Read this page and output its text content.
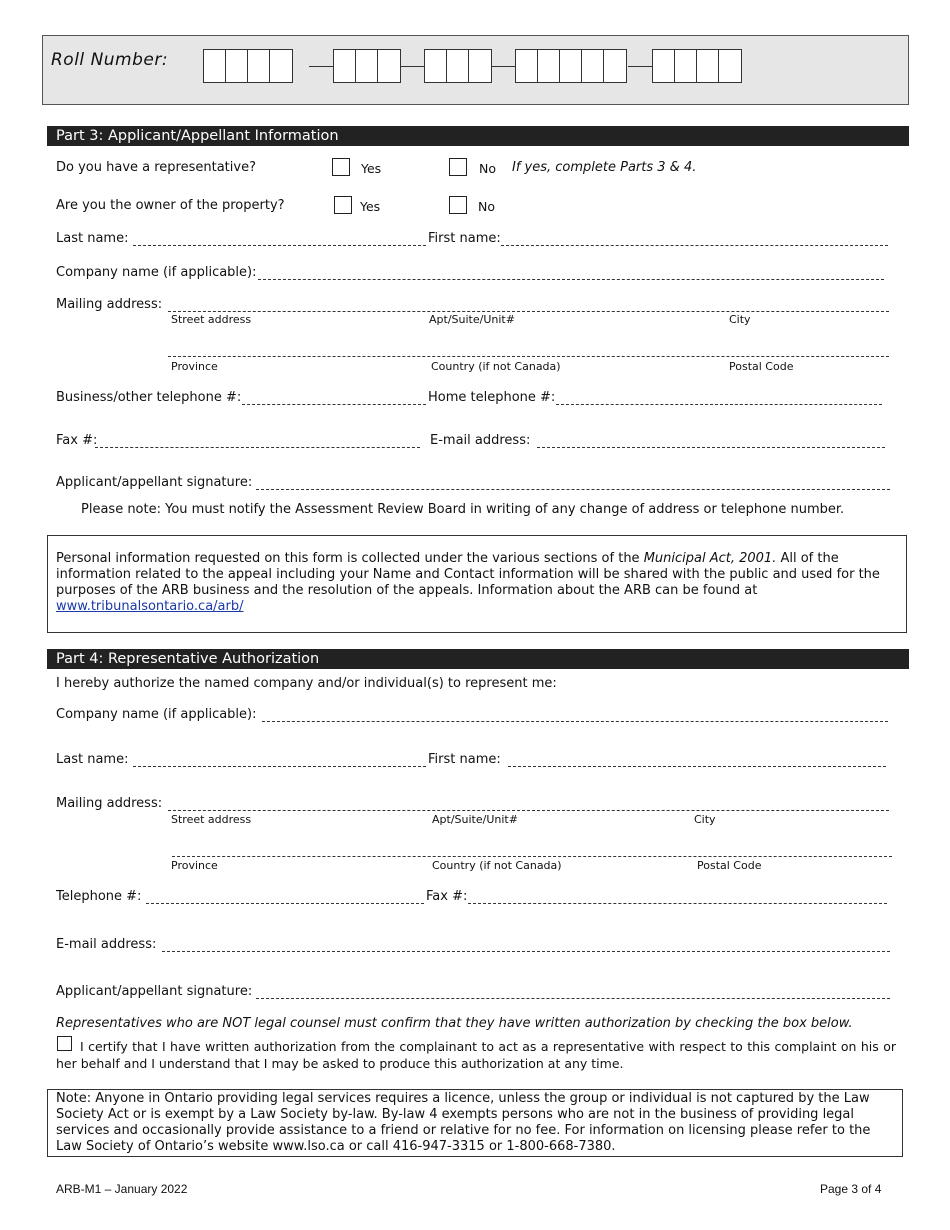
Roll Number:
Part 3: Applicant/Appellant Information
Do you have a representative?	Yes	No If yes, complete Parts 3 & 4.
Are you the owner of the property?	Yes	No
Last name:	First name:
Company name (if applicable):
Mailing address:
Street address	Apt/Suite/Unit#	City
Province	Country (if not Canada)	Postal Code
Business/other telephone #:	Home telephone #:
Fax #:	E-mail address:
Applicant/appellant signature:
Please note: You must notify the Assessment Review Board in writing of any change of address or telephone number.
Personal information requested on this form is collected under the various sections of the Municipal Act, 2001. All of the information related to the appeal including your Name and Contact information will be shared with the public and used for the purposes of the ARB business and the resolution of the appeals. Information about the ARB can be found at www.tribunalsontario.ca/arb/
Part 4: Representative Authorization
I hereby authorize the named company and/or individual(s) to represent me:
Company name (if applicable):
Last name:	First name:
Mailing address:
Street address	Apt/Suite/Unit#	City
Province	Country (if not Canada)	Postal Code
Telephone #:	Fax #:
E-mail address:
Applicant/appellant signature:
Representatives who are NOT legal counsel must confirm that they have written authorization by checking the box below.
I certify that I have written authorization from the complainant to act as a representative with respect to this complaint on his or her behalf and I understand that I may be asked to produce this authorization at any time.
Note: Anyone in Ontario providing legal services requires a licence, unless the group or individual is not captured by the Law Society Act or is exempt by a Law Society by-law. By-law 4 exempts persons who are not in the business of providing legal services and occasionally provide assistance to a friend or relative for no fee. For information on licensing please refer to the Law Society of Ontario’s website www.lso.ca or call 416-947-3315 or 1-800-668-7380.
ARB-M1 – January 2022	Page 3 of 4
